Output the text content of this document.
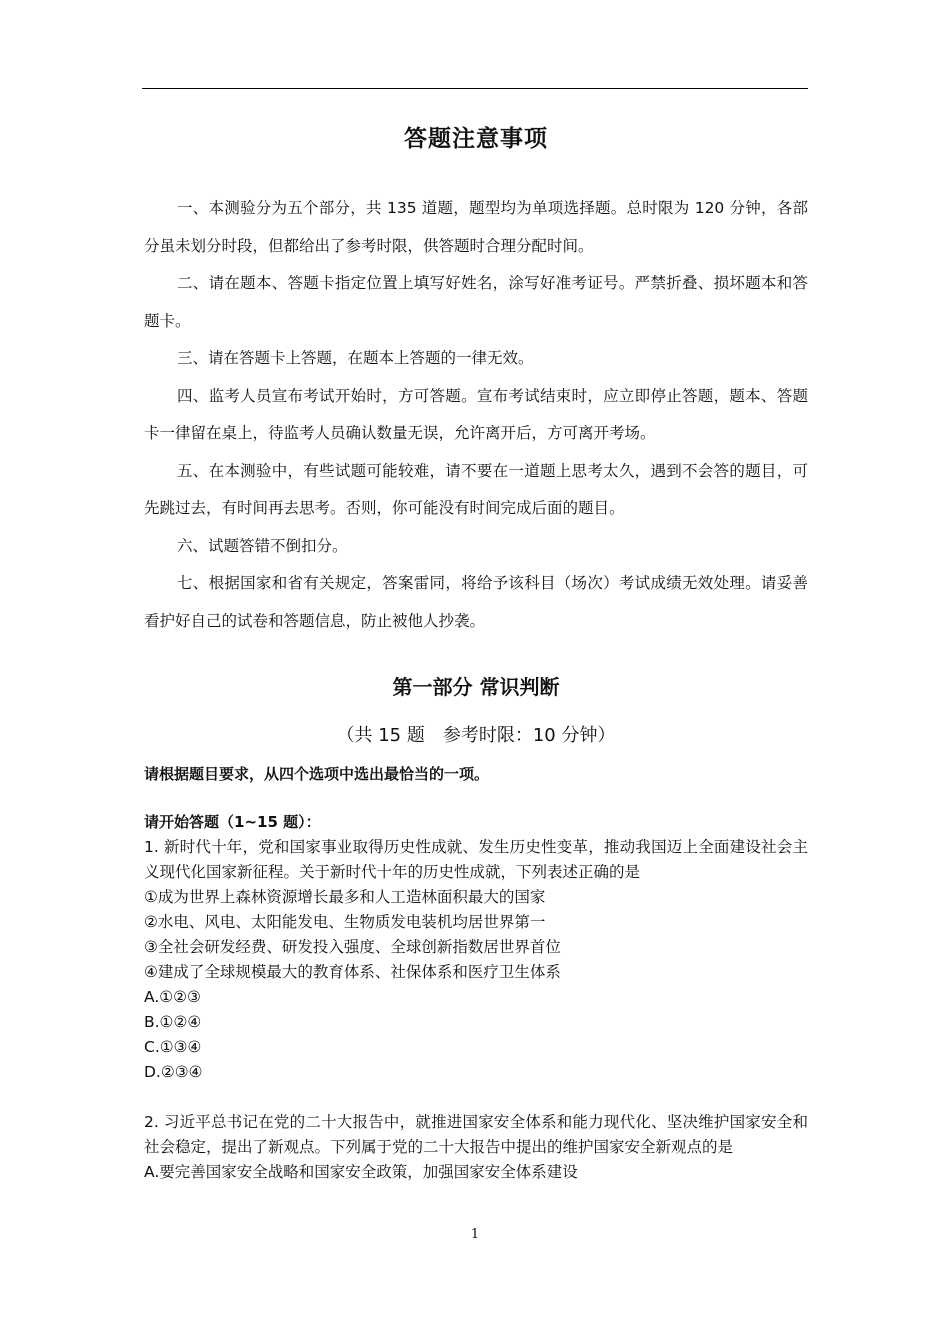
答题注意事项

一、本测验分为五个部分，共 135 道题，题型均为单项选择题。总时限为 120 分钟，各部分虽未划分时段，但都给出了参考时限，供答题时合理分配时间。

二、请在题本、答题卡指定位置上填写好姓名，涂写好准考证号。严禁折叠、损坏题本和答题卡。

三、请在答题卡上答题，在题本上答题的一律无效。

四、监考人员宣布考试开始时，方可答题。宣布考试结束时，应立即停止答题，题本、答题卡一律留在桌上，待监考人员确认数量无误，允许离开后，方可离开考场。

五、在本测验中，有些试题可能较难，请不要在一道题上思考太久，遇到不会答的题目，可先跳过去，有时间再去思考。否则，你可能没有时间完成后面的题目。

六、试题答错不倒扣分。

七、根据国家和省有关规定，答案雷同，将给予该科目（场次）考试成绩无效处理。请妥善看护好自己的试卷和答题信息，防止被他人抄袭。

第一部分 常识判断
（共 15 题　参考时限：10 分钟）
请根据题目要求，从四个选项中选出最恰当的一项。
请开始答题（1~15 题）：

1. 新时代十年，党和国家事业取得历史性成就、发生历史性变革，推动我国迈上全面建设社会主义现代化国家新征程。关于新时代十年的历史性成就，下列表述正确的是

①成为世界上森林资源增长最多和人工造林面积最大的国家

②水电、风电、太阳能发电、生物质发电装机均居世界第一

③全社会研发经费、研发投入强度、全球创新指数居世界首位

④建成了全球规模最大的教育体系、社保体系和医疗卫生体系

A.①②③

B.①②④

C.①③④

D.②③④

2. 习近平总书记在党的二十大报告中，就推进国家安全体系和能力现代化、坚决维护国家安全和社会稳定，提出了新观点。下列属于党的二十大报告中提出的维护国家安全新观点的是

A.要完善国家安全战略和国家安全政策，加强国家安全体系建设

1
